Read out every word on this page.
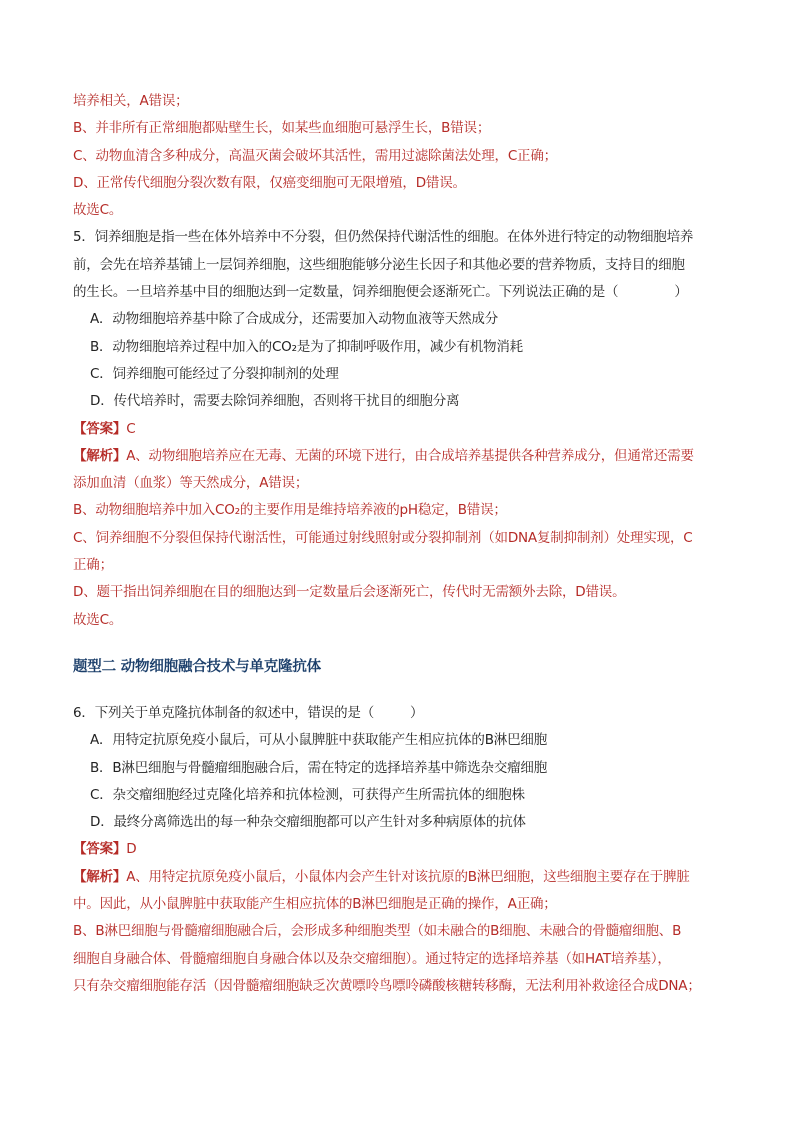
培养相关，A错误；
B、并非所有正常细胞都贴壁生长，如某些血细胞可悬浮生长，B错误；
C、动物血清含多种成分，高温灭菌会破坏其活性，需用过滤除菌法处理，C正确；
D、正常传代细胞分裂次数有限，仅癌变细胞可无限增殖，D错误。
故选C。
5．饲养细胞是指一些在体外培养中不分裂，但仍然保持代谢活性的细胞。在体外进行特定的动物细胞培养
前，会先在培养基铺上一层饲养细胞，这些细胞能够分泌生长因子和其他必要的营养物质，支持目的细胞
的生长。一旦培养基中目的细胞达到一定数量，饲养细胞便会逐渐死亡。下列说法正确的是（	）
A．动物细胞培养基中除了合成成分，还需要加入动物血液等天然成分
B．动物细胞培养过程中加入的CO₂是为了抑制呼吸作用，减少有机物消耗
C．饲养细胞可能经过了分裂抑制剂的处理
D．传代培养时，需要去除饲养细胞，否则将干扰目的细胞分离
【答案】C
【解析】A、动物细胞培养应在无毒、无菌的环境下进行，由合成培养基提供各种营养成分，但通常还需要
添加血清（血浆）等天然成分，A错误；
B、动物细胞培养中加入CO₂的主要作用是维持培养液的pH稳定，B错误；
C、饲养细胞不分裂但保持代谢活性，可能通过射线照射或分裂抑制剂（如DNA复制抑制剂）处理实现，C
正确；
D、题干指出饲养细胞在目的细胞达到一定数量后会逐渐死亡，传代时无需额外去除，D错误。
故选C。
题型二 动物细胞融合技术与单克隆抗体
6．下列关于单克隆抗体制备的叙述中，错误的是（	）
A．用特定抗原免疫小鼠后，可从小鼠脾脏中获取能产生相应抗体的B淋巴细胞
B．B淋巴细胞与骨髓瘤细胞融合后，需在特定的选择培养基中筛选杂交瘤细胞
C．杂交瘤细胞经过克隆化培养和抗体检测，可获得产生所需抗体的细胞株
D．最终分离筛选出的每一种杂交瘤细胞都可以产生针对多种病原体的抗体
【答案】D
【解析】A、用特定抗原免疫小鼠后，小鼠体内会产生针对该抗原的B淋巴细胞，这些细胞主要存在于脾脏
中。因此，从小鼠脾脏中获取能产生相应抗体的B淋巴细胞是正确的操作，A正确；
B、B淋巴细胞与骨髓瘤细胞融合后，会形成多种细胞类型（如未融合的B细胞、未融合的骨髓瘤细胞、B
细胞自身融合体、骨髓瘤细胞自身融合体以及杂交瘤细胞）。通过特定的选择培养基（如HAT培养基），
只有杂交瘤细胞能存活（因骨髓瘤细胞缺乏次黄嘌呤鸟嘌呤磷酸核糖转移酶，无法利用补救途径合成DNA；
